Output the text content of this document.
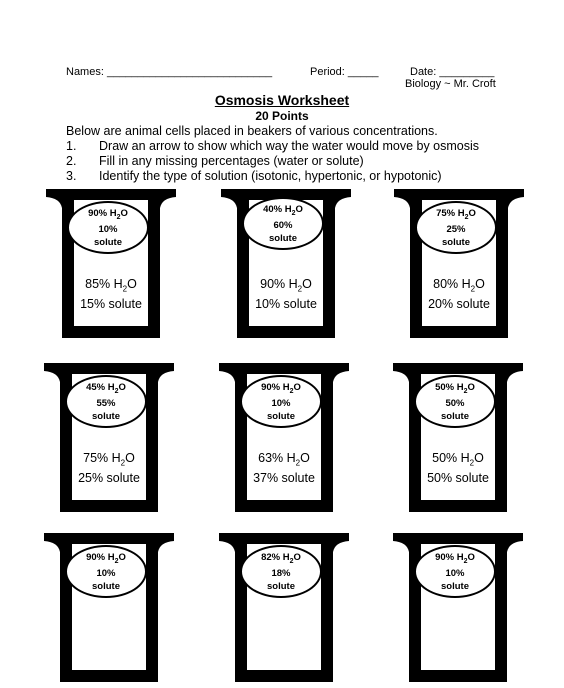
Names: ___________________________	Period: _____	Date: _________
Biology ~ Mr. Croft
Osmosis Worksheet
20 Points
Below are animal cells placed in beakers of various concentrations.
1. Draw an arrow to show which way the water would move by osmosis
2. Fill in any missing percentages (water or solute)
3. Identify the type of solution (isotonic, hypertonic, or hypotonic)
90% $H_2O$
10%
solute
85% $H_2O$
15% solute
40% $H_2O$
60%
solute
90% $H_2O$
10% solute
75% $H_2O$
25%
solute
80% $H_2O$
20% solute
45% $H_2O$
55%
solute
75% $H_2O$
25% solute
90% $H_2O$
10%
solute
63% $H_2O$
37% solute
50% $H_2O$
50%
solute
50% $H_2O$
50% solute
90% $H_2O$
10%
solute
82% $H_2O$
18%
solute
90% $H_2O$
10%
solute
